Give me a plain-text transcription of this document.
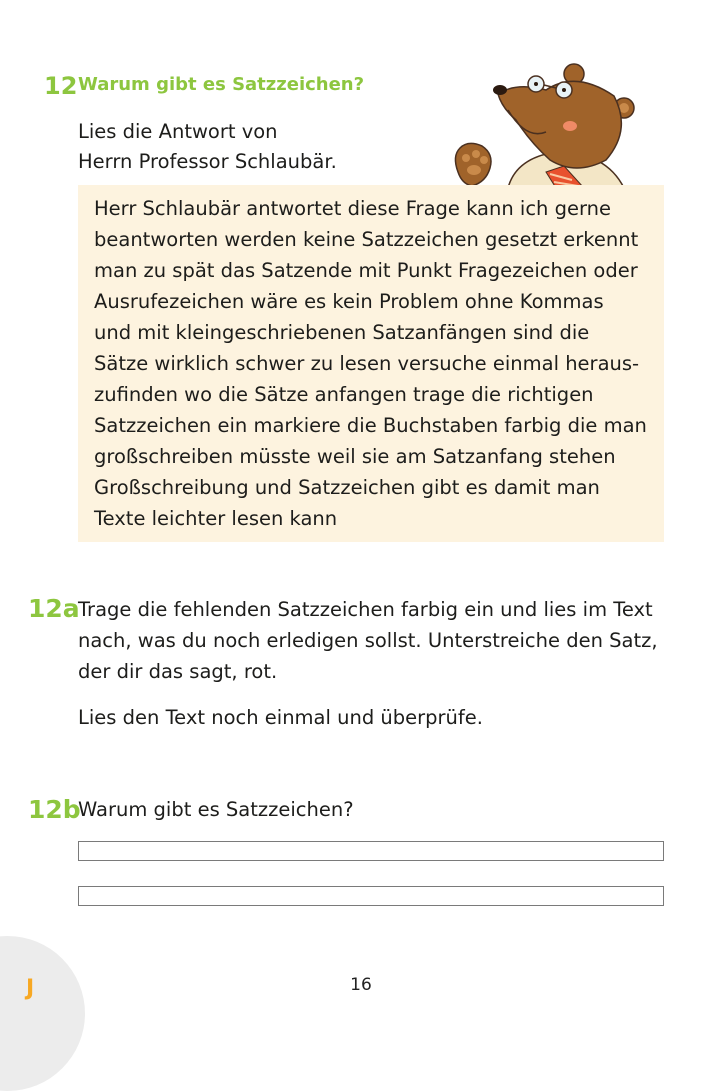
12 Warum gibt es Satzzeichen?
Lies die Antwort von
Herrn Professor Schlaubär.
Herr Schlaubär antwortet diese Frage kann ich gerne
beantworten werden keine Satzzeichen gesetzt erkennt
man zu spät das Satzende mit Punkt Fragezeichen oder
Ausrufezeichen wäre es kein Problem ohne Kommas
und mit kleingeschriebenen Satzanfängen sind die
Sätze wirklich schwer zu lesen versuche einmal heraus-
zufinden wo die Sätze anfangen trage die richtigen
Satzzeichen ein markiere die Buchstaben farbig die man
großschreiben müsste weil sie am Satzanfang stehen
Großschreibung und Satzzeichen gibt es damit man
Texte leichter lesen kann
12a
Trage die fehlenden Satzzeichen farbig ein und lies im Text
nach, was du noch erledigen sollst. Unterstreiche den Satz,
der dir das sagt, rot.
Lies den Text noch einmal und überprüfe.
12b
Warum gibt es Satzzeichen?
J	16
